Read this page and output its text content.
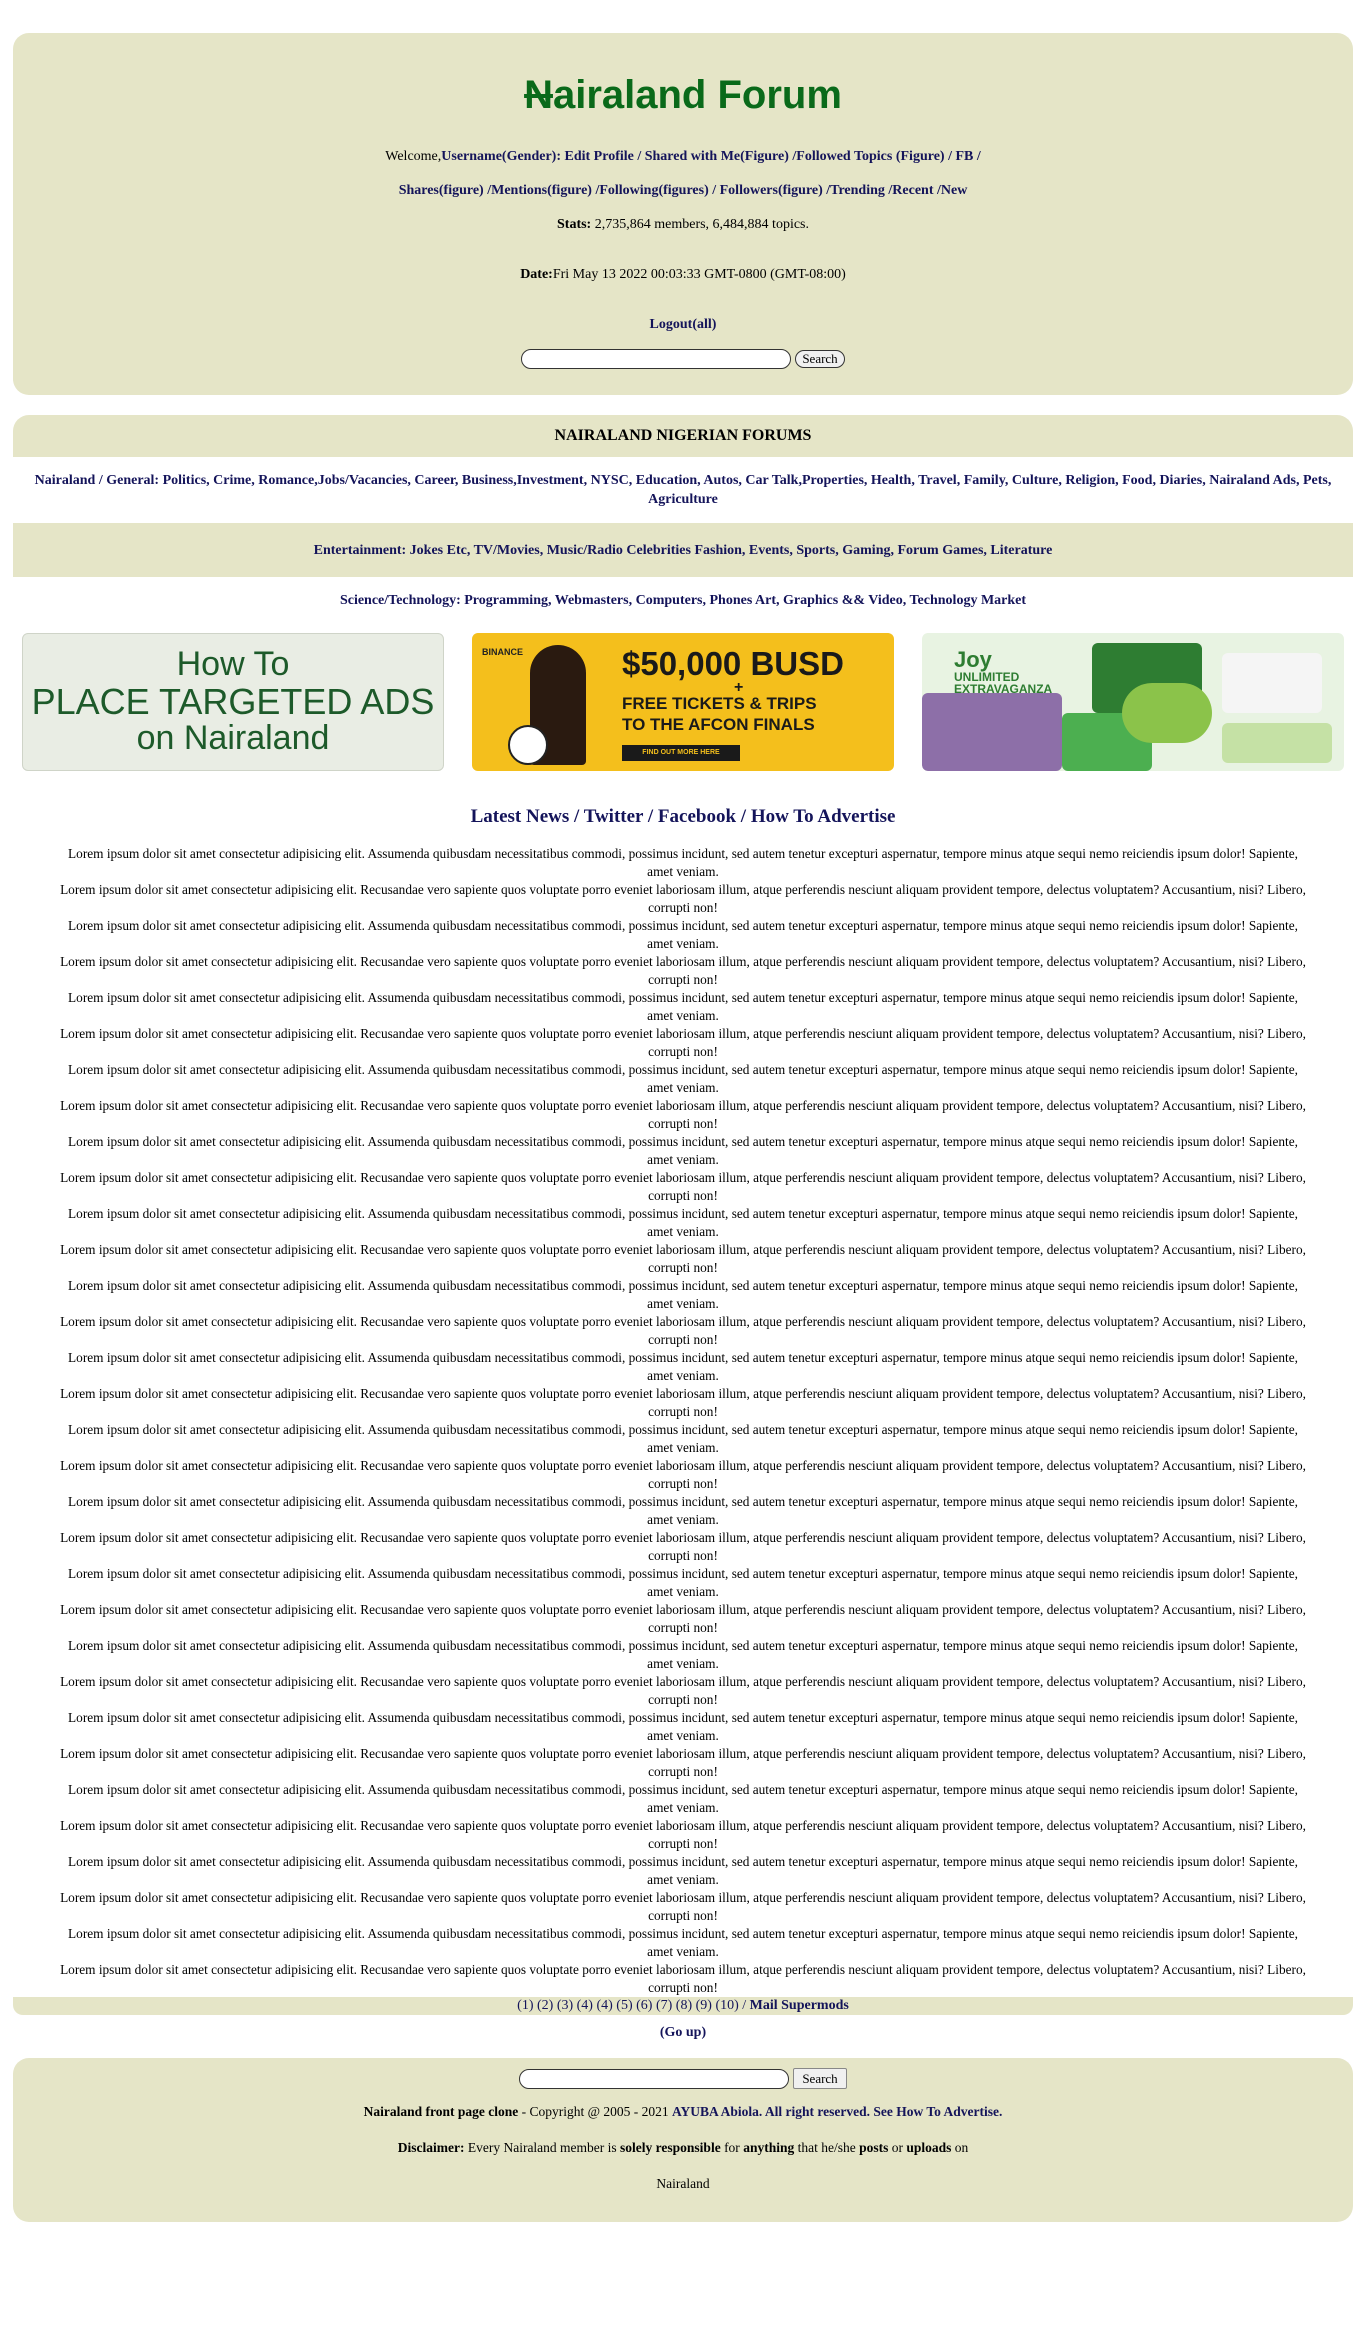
Nairaland Forum
Welcome,Username(Gender): Edit Profile / Shared with Me(Figure) /Followed Topics (Figure) / FB /
Shares(figure) /Mentions(figure) /Following(figures) / Followers(figure) /Trending /Recent /New
Stats: 2,735,864 members, 6,484,884 topics.
Date:Fri May 13 2022 00:03:33 GMT-0800 (GMT-08:00)
Logout(all)
Search
NAIRALAND NIGERIAN FORUMS
Nairaland / General: Politics, Crime, Romance,Jobs/Vacancies, Career, Business,Investment, NYSC, Education, Autos, Car Talk,Properties, Health, Travel, Family, Culture, Religion, Food, Diaries, Nairaland Ads, Pets, Agriculture
Entertainment: Jokes Etc, TV/Movies, Music/Radio Celebrities Fashion, Events, Sports, Gaming, Forum Games, Literature
Science/Technology: Programming, Webmasters, Computers, Phones Art, Graphics && Video, Technology Market
How To
PLACE TARGETED ADS
on Nairaland
BINANCE	$50,000 BUSD
+
FREE TICKETS & TRIPS
TO THE AFCON FINALS
FIND OUT MORE HERE
Joy
UNLIMITED
EXTRAVAGANZA
Latest News / Twitter / Facebook / How To Advertise

Lorem ipsum dolor sit amet consectetur adipisicing elit. Assumenda quibusdam necessitatibus commodi, possimus incidunt, sed autem tenetur excepturi aspernatur, tempore minus atque sequi nemo reiciendis ipsum dolor! Sapiente, amet veniam.

Lorem ipsum dolor sit amet consectetur adipisicing elit. Recusandae vero sapiente quos voluptate porro eveniet laboriosam illum, atque perferendis nesciunt aliquam provident tempore, delectus voluptatem? Accusantium, nisi? Libero, corrupti non!

Lorem ipsum dolor sit amet consectetur adipisicing elit. Assumenda quibusdam necessitatibus commodi, possimus incidunt, sed autem tenetur excepturi aspernatur, tempore minus atque sequi nemo reiciendis ipsum dolor! Sapiente, amet veniam.

Lorem ipsum dolor sit amet consectetur adipisicing elit. Recusandae vero sapiente quos voluptate porro eveniet laboriosam illum, atque perferendis nesciunt aliquam provident tempore, delectus voluptatem? Accusantium, nisi? Libero, corrupti non!

Lorem ipsum dolor sit amet consectetur adipisicing elit. Assumenda quibusdam necessitatibus commodi, possimus incidunt, sed autem tenetur excepturi aspernatur, tempore minus atque sequi nemo reiciendis ipsum dolor! Sapiente, amet veniam.

Lorem ipsum dolor sit amet consectetur adipisicing elit. Recusandae vero sapiente quos voluptate porro eveniet laboriosam illum, atque perferendis nesciunt aliquam provident tempore, delectus voluptatem? Accusantium, nisi? Libero, corrupti non!

Lorem ipsum dolor sit amet consectetur adipisicing elit. Assumenda quibusdam necessitatibus commodi, possimus incidunt, sed autem tenetur excepturi aspernatur, tempore minus atque sequi nemo reiciendis ipsum dolor! Sapiente, amet veniam.

Lorem ipsum dolor sit amet consectetur adipisicing elit. Recusandae vero sapiente quos voluptate porro eveniet laboriosam illum, atque perferendis nesciunt aliquam provident tempore, delectus voluptatem? Accusantium, nisi? Libero, corrupti non!

Lorem ipsum dolor sit amet consectetur adipisicing elit. Assumenda quibusdam necessitatibus commodi, possimus incidunt, sed autem tenetur excepturi aspernatur, tempore minus atque sequi nemo reiciendis ipsum dolor! Sapiente, amet veniam.

Lorem ipsum dolor sit amet consectetur adipisicing elit. Recusandae vero sapiente quos voluptate porro eveniet laboriosam illum, atque perferendis nesciunt aliquam provident tempore, delectus voluptatem? Accusantium, nisi? Libero, corrupti non!

Lorem ipsum dolor sit amet consectetur adipisicing elit. Assumenda quibusdam necessitatibus commodi, possimus incidunt, sed autem tenetur excepturi aspernatur, tempore minus atque sequi nemo reiciendis ipsum dolor! Sapiente, amet veniam.

Lorem ipsum dolor sit amet consectetur adipisicing elit. Recusandae vero sapiente quos voluptate porro eveniet laboriosam illum, atque perferendis nesciunt aliquam provident tempore, delectus voluptatem? Accusantium, nisi? Libero, corrupti non!

Lorem ipsum dolor sit amet consectetur adipisicing elit. Assumenda quibusdam necessitatibus commodi, possimus incidunt, sed autem tenetur excepturi aspernatur, tempore minus atque sequi nemo reiciendis ipsum dolor! Sapiente, amet veniam.

Lorem ipsum dolor sit amet consectetur adipisicing elit. Recusandae vero sapiente quos voluptate porro eveniet laboriosam illum, atque perferendis nesciunt aliquam provident tempore, delectus voluptatem? Accusantium, nisi? Libero, corrupti non!

Lorem ipsum dolor sit amet consectetur adipisicing elit. Assumenda quibusdam necessitatibus commodi, possimus incidunt, sed autem tenetur excepturi aspernatur, tempore minus atque sequi nemo reiciendis ipsum dolor! Sapiente, amet veniam.

Lorem ipsum dolor sit amet consectetur adipisicing elit. Recusandae vero sapiente quos voluptate porro eveniet laboriosam illum, atque perferendis nesciunt aliquam provident tempore, delectus voluptatem? Accusantium, nisi? Libero, corrupti non!

Lorem ipsum dolor sit amet consectetur adipisicing elit. Assumenda quibusdam necessitatibus commodi, possimus incidunt, sed autem tenetur excepturi aspernatur, tempore minus atque sequi nemo reiciendis ipsum dolor! Sapiente, amet veniam.

Lorem ipsum dolor sit amet consectetur adipisicing elit. Recusandae vero sapiente quos voluptate porro eveniet laboriosam illum, atque perferendis nesciunt aliquam provident tempore, delectus voluptatem? Accusantium, nisi? Libero, corrupti non!

Lorem ipsum dolor sit amet consectetur adipisicing elit. Assumenda quibusdam necessitatibus commodi, possimus incidunt, sed autem tenetur excepturi aspernatur, tempore minus atque sequi nemo reiciendis ipsum dolor! Sapiente, amet veniam.

Lorem ipsum dolor sit amet consectetur adipisicing elit. Recusandae vero sapiente quos voluptate porro eveniet laboriosam illum, atque perferendis nesciunt aliquam provident tempore, delectus voluptatem? Accusantium, nisi? Libero, corrupti non!

Lorem ipsum dolor sit amet consectetur adipisicing elit. Assumenda quibusdam necessitatibus commodi, possimus incidunt, sed autem tenetur excepturi aspernatur, tempore minus atque sequi nemo reiciendis ipsum dolor! Sapiente, amet veniam.

Lorem ipsum dolor sit amet consectetur adipisicing elit. Recusandae vero sapiente quos voluptate porro eveniet laboriosam illum, atque perferendis nesciunt aliquam provident tempore, delectus voluptatem? Accusantium, nisi? Libero, corrupti non!

Lorem ipsum dolor sit amet consectetur adipisicing elit. Assumenda quibusdam necessitatibus commodi, possimus incidunt, sed autem tenetur excepturi aspernatur, tempore minus atque sequi nemo reiciendis ipsum dolor! Sapiente, amet veniam.

Lorem ipsum dolor sit amet consectetur adipisicing elit. Recusandae vero sapiente quos voluptate porro eveniet laboriosam illum, atque perferendis nesciunt aliquam provident tempore, delectus voluptatem? Accusantium, nisi? Libero, corrupti non!

Lorem ipsum dolor sit amet consectetur adipisicing elit. Assumenda quibusdam necessitatibus commodi, possimus incidunt, sed autem tenetur excepturi aspernatur, tempore minus atque sequi nemo reiciendis ipsum dolor! Sapiente, amet veniam.

Lorem ipsum dolor sit amet consectetur adipisicing elit. Recusandae vero sapiente quos voluptate porro eveniet laboriosam illum, atque perferendis nesciunt aliquam provident tempore, delectus voluptatem? Accusantium, nisi? Libero, corrupti non!

Lorem ipsum dolor sit amet consectetur adipisicing elit. Assumenda quibusdam necessitatibus commodi, possimus incidunt, sed autem tenetur excepturi aspernatur, tempore minus atque sequi nemo reiciendis ipsum dolor! Sapiente, amet veniam.

Lorem ipsum dolor sit amet consectetur adipisicing elit. Recusandae vero sapiente quos voluptate porro eveniet laboriosam illum, atque perferendis nesciunt aliquam provident tempore, delectus voluptatem? Accusantium, nisi? Libero, corrupti non!

Lorem ipsum dolor sit amet consectetur adipisicing elit. Assumenda quibusdam necessitatibus commodi, possimus incidunt, sed autem tenetur excepturi aspernatur, tempore minus atque sequi nemo reiciendis ipsum dolor! Sapiente, amet veniam.

Lorem ipsum dolor sit amet consectetur adipisicing elit. Recusandae vero sapiente quos voluptate porro eveniet laboriosam illum, atque perferendis nesciunt aliquam provident tempore, delectus voluptatem? Accusantium, nisi? Libero, corrupti non!

Lorem ipsum dolor sit amet consectetur adipisicing elit. Assumenda quibusdam necessitatibus commodi, possimus incidunt, sed autem tenetur excepturi aspernatur, tempore minus atque sequi nemo reiciendis ipsum dolor! Sapiente, amet veniam.

Lorem ipsum dolor sit amet consectetur adipisicing elit. Recusandae vero sapiente quos voluptate porro eveniet laboriosam illum, atque perferendis nesciunt aliquam provident tempore, delectus voluptatem? Accusantium, nisi? Libero, corrupti non!

(1) (2) (3) (4) (4) (5) (6) (7) (8) (9) (10) / Mail Supermods
(Go up)
Search
Nairaland front page clone - Copyright @ 2005 - 2021 AYUBA Abiola. All right reserved. See How To Advertise.
Disclaimer: Every Nairaland member is solely responsible for anything that he/she posts or uploads on
Nairaland
